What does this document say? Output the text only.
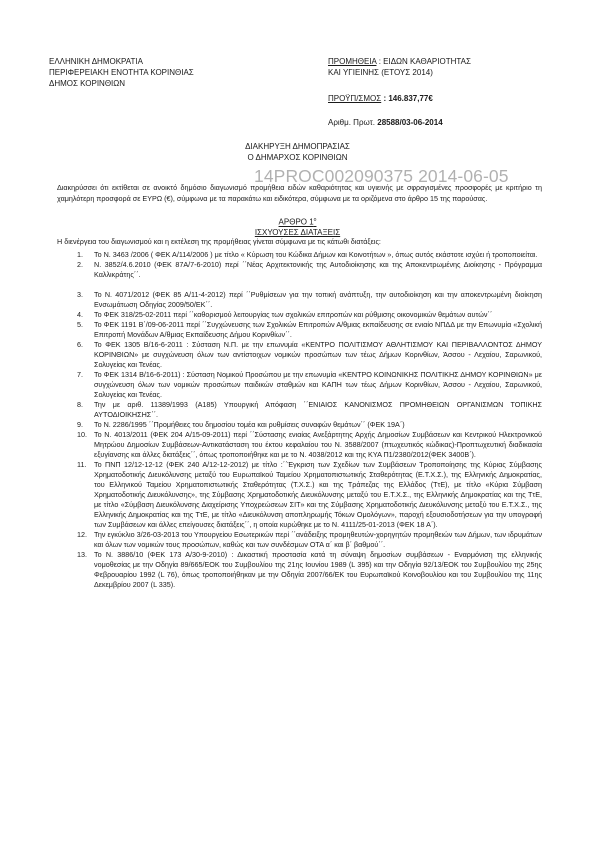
ΕΛΛΗΝΙΚΗ ΔΗΜΟΚΡΑΤΙΑ
ΠΕΡΙΦΕΡΕΙΑΚΗ ΕΝΟΤΗΤΑ ΚΟΡΙΝΘΙΑΣ
ΔΗΜΟΣ ΚΟΡΙΝΘΙΩΝ
ΠΡΟΜΗΘΕΙΑ : ΕΙΔΩΝ ΚΑΘΑΡΙΟΤΗΤΑΣ
ΚΑΙ ΥΓΙΕΙΝΗΣ (ΕΤΟΥΣ 2014)
ΠΡΟΫΠ/ΣΜΟΣ : 146.837,77€
Αριθμ. Πρωτ. 28588/03-06-2014
ΔΙΑΚΗΡΥΞΗ ΔΗΜΟΠΡΑΣΙΑΣ
Ο ΔΗΜΑΡΧΟΣ ΚΟΡΙΝΘΙΩΝ
14PROC002090375 2014-06-05
Διακηρύσσει ότι εκτίθεται σε ανοικτό δημόσιο διαγωνισμό προμήθεια ειδών καθαριότητας και υγιεινής με σφραγισμένες προσφορές με κριτήριο τη χαμηλότερη προσφορά σε ΕΥΡΩ (€), σύμφωνα με τα παρακάτω και ειδικότερα, σύμφωνα με τα οριζόμενα στο άρθρο 15 της παρούσας.
ΑΡΘΡΟ $1^o$
ΙΣΧΥΟΥΣΕΣ ΔΙΑΤΑΞΕΙΣ
Η διενέργεια του διαγωνισμού και η εκτέλεση της προμήθειας γίνεται σύμφωνα με τις κάτωθι διατάξεις:
1. Το Ν. 3463 /2006 ( ΦΕΚ Α/114/2006 ) με τίτλο « Κύρωση του Κώδικα Δήμων και Κοινοτήτων », όπως αυτός εκάστοτε ισχύει ή τροποποιείται.
2. Ν. 3852/4.6.2010 (ΦΕΚ 87Α/7-6-2010) περί ΄΄Νέας Αρχιτεκτονικής της Αυτοδιοίκησης και της Αποκεντρωμένης Διοίκησης - Πρόγραμμα Καλλικράτης΄΄.
3. Το Ν. 4071/2012 (ΦΕΚ 85 Α/11-4-2012) περί ΄΄Ρυθμίσεων για την τοπική ανάπτυξη, την αυτοδιοίκηση και την αποκεντρωμένη διοίκηση Ενσωμάτωση Οδηγίας 2009/50/ΕΚ΄΄.
4. Το ΦΕΚ 318/25-02-2011 περί ΄΄καθορισμού λειτουργίας των σχολικών επιτροπών και ρύθμισης οικονομικών θεμάτων αυτών΄΄
5. Το ΦΕΚ 1191 Β΄/09-06-2011 περί ΄΄Συγχώνευσης των Σχολικών Επιτροπών Α/θμιας εκπαίδευσης σε ενιαίο ΝΠΔΔ με την Επωνυμία «Σχολική Επιτροπή Μονάδων Α/θμιας Εκπαίδευσης Δήμου Κορινθίων΄΄.
6. Το ΦΕΚ 1305 Β/16-6-2011 : Σύσταση Ν.Π. με την επωνυμία «ΚΕΝΤΡΟ ΠΟΛΙΤΙΣΜΟΥ ΑΘΛΗΤΙΣΜΟΥ ΚΑΙ ΠΕΡΙΒΑΛΛΟΝΤΟΣ ΔΗΜΟΥ ΚΟΡΙΝΘΙΩΝ» με συγχώνευση όλων των αντίστοιχων νομικών προσώπων των τέως Δήμων Κορινθίων, Άσσου - Λεχαίου, Σαρωνικού, Σολυγείας και Τενέας.
7. Το ΦΕΚ 1314 Β/16-6-2011) : Σύσταση Νομικού Προσώπου με την επωνυμία «ΚΕΝΤΡΟ ΚΟΙΝΩΝΙΚΗΣ ΠΟΛΙΤΙΚΗΣ ΔΗΜΟΥ ΚΟΡΙΝΘΙΩΝ» με συγχώνευση όλων των νομικών προσώπων παιδικών σταθμών και ΚΑΠΗ των τέως Δήμων Κορινθίων, Άσσου - Λεχαίου, Σαρωνικού, Σολυγείας και Τενέας.
8. Την με αριθ. 11389/1993 (Α185) Υπουργική Απόφαση ΄΄ΕΝΙΑΙΟΣ ΚΑΝΟΝΙΣΜΟΣ ΠΡΟΜΗΘΕΙΩΝ ΟΡΓΑΝΙΣΜΩΝ ΤΟΠΙΚΗΣ ΑΥΤΟΔΙΟΙΚΗΣΗΣ΄΄.
9. Το Ν. 2286/1995 ΄΄Προμήθειες του δημοσίου τομέα και ρυθμίσεις συναφών θεμάτων΄΄ (ΦΕΚ 19Α΄)
10. Το Ν. 4013/2011 (ΦΕΚ 204 Α/15-09-2011) περί ΄΄Σύστασης ενιαίας Ανεξάρτητης Αρχής Δημοσίων Συμβάσεων και Κεντρικού Ηλεκτρονικού Μητρώου Δημοσίων Συμβάσεων-Αντικατάσταση του έκτου κεφαλαίου του Ν. 3588/2007 (πτωχευτικός κώδικας)-Προπτωχευτική διαδικασία εξυγίανσης και άλλες διατάξεις΄΄, όπως τροποποιήθηκε και με το Ν. 4038/2012 και της ΚΥΑ Π1/2380/2012(ΦΕΚ 3400Β΄).
11. Το ΠΝΠ 12/12-12-12 (ΦΕΚ 240 Α/12-12-2012) με τίτλο :΄΄Έγκριση των Σχεδίων των Συμβάσεων Τροποποίησης της Κύριας Σύμβασης Χρηματοδοτικής Διευκόλυνσης μεταξύ του Ευρωπαϊκού Ταμείου Χρηματοπιστωτικής Σταθερότητας (Ε.Τ.Χ.Σ.), της Ελληνικής Δημοκρατίας, του Ελληνικού Ταμείου Χρηματοπιστωτικής Σταθερότητας (Τ.Χ.Σ.) και της Τράπεζας της Ελλάδος (ΤτΕ), με τίτλο «Κύρια Σύμβαση Χρηματοδοτικής Διευκόλυνσης», της Σύμβασης Χρηματοδοτικής Διευκόλυνσης μεταξύ του Ε.Τ.Χ.Σ., της Ελληνικής Δημοκρατίας και της ΤτΕ, με τίτλο «Σύμβαση Διευκόλυνσης Διαχείρισης Υποχρεώσεων ΣΙΤ» και της Σύμβασης Χρηματοδοτικής Διευκόλυνσης μεταξύ του Ε.Τ.Χ.Σ., της Ελληνικής Δημοκρατίας και της ΤτΕ, με τίτλο «Διευκόλυνση αποπληρωμής Τόκων Ομολόγων», παροχή εξουσιοδοτήσεων για την υπογραφή των Συμβάσεων και άλλες επείγουσες διατάξεις΄΄, η οποία κυρώθηκε με το Ν. 4111/25-01-2013 (ΦΕΚ 18 Α΄).
12. Την εγκύκλιο 3/26-03-2013 του Υπουργείου Εσωτερικών περί ΄΄ανάδειξης προμηθευτών-χορηγητών προμηθειών των Δήμων, των ιδρυμάτων και όλων των νομικών τους προσώπων, καθώς και των συνδέσμων ΟΤΑ α΄ και β΄ βαθμού΄΄.
13. Το Ν. 3886/10 (ΦΕΚ 173 Α/30-9-2010) : Δικαστική προστασία κατά τη σύναψη δημοσίων συμβάσεων - Εναρμόνιση της ελληνικής νομοθεσίας με την Οδηγία 89/665/ΕΟΚ του Συμβουλίου της 21ης Ιουνίου 1989 (L 395) και την Οδηγία 92/13/ΕΟΚ του Συμβουλίου της 25ης Φεβρουαρίου 1992 (L 76), όπως τροποποιήθηκαν με την Οδηγία 2007/66/ΕΚ του Ευρωπαϊκού Κοινοβουλίου και του Συμβουλίου της 11ης Δεκεμβρίου 2007 (L 335).
